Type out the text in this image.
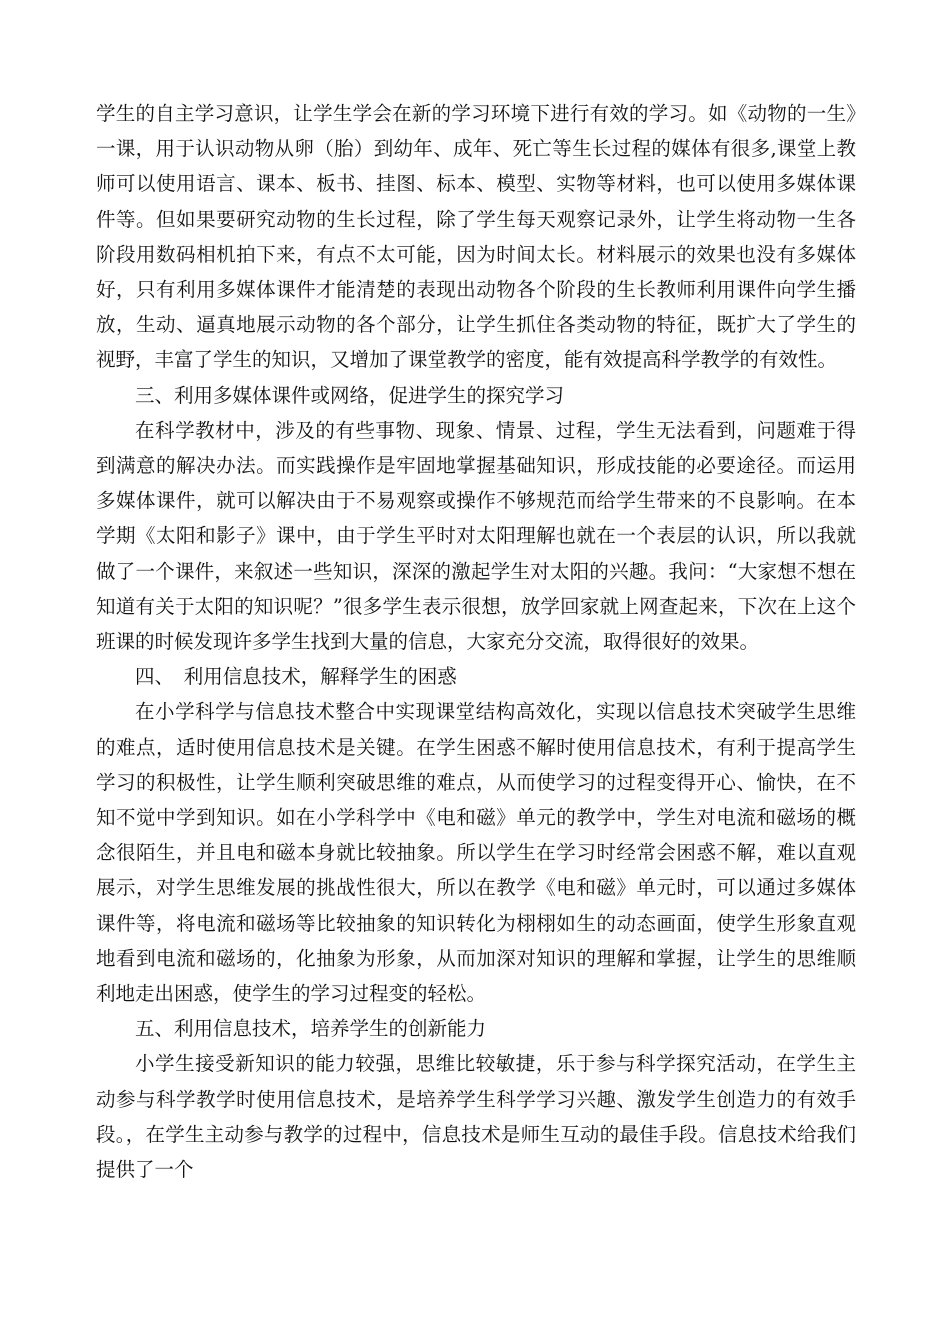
学生的自主学习意识，让学生学会在新的学习环境下进行有效的学习。如《动物的一生》一课，用于认识动物从卵（胎）到幼年、成年、死亡等生长过程的媒体有很多,课堂上教师可以使用语言、课本、板书、挂图、标本、模型、实物等材料，也可以使用多媒体课件等。但如果要研究动物的生长过程，除了学生每天观察记录外，让学生将动物一生各阶段用数码相机拍下来，有点不太可能，因为时间太长。材料展示的效果也没有多媒体好，只有利用多媒体课件才能清楚的表现出动物各个阶段的生长教师利用课件向学生播放，生动、逼真地展示动物的各个部分，让学生抓住各类动物的特征，既扩大了学生的视野，丰富了学生的知识，又增加了课堂教学的密度，能有效提高科学教学的有效性。

三、利用多媒体课件或网络，促进学生的探究学习

在科学教材中，涉及的有些事物、现象、情景、过程，学生无法看到，问题难于得到满意的解决办法。而实践操作是牢固地掌握基础知识，形成技能的必要途径。而运用多媒体课件，就可以解决由于不易观察或操作不够规范而给学生带来的不良影响。在本学期《太阳和影子》课中，由于学生平时对太阳理解也就在一个表层的认识，所以我就做了一个课件，来叙述一些知识，深深的激起学生对太阳的兴趣。我问：“大家想不想在知道有关于太阳的知识呢？”很多学生表示很想，放学回家就上网查起来，下次在上这个班课的时候发现许多学生找到大量的信息，大家充分交流，取得很好的效果。

四、　利用信息技术，解释学生的困惑

在小学科学与信息技术整合中实现课堂结构高效化，实现以信息技术突破学生思维的难点，适时使用信息技术是关键。在学生困惑不解时使用信息技术，有利于提高学生学习的积极性，让学生顺利突破思维的难点，从而使学习的过程变得开心、愉快，在不知不觉中学到知识。如在小学科学中《电和磁》单元的教学中，学生对电流和磁场的概念很陌生，并且电和磁本身就比较抽象。所以学生在学习时经常会困惑不解，难以直观展示，对学生思维发展的挑战性很大，所以在教学《电和磁》单元时，可以通过多媒体课件等，将电流和磁场等比较抽象的知识转化为栩栩如生的动态画面，使学生形象直观地看到电流和磁场的，化抽象为形象，从而加深对知识的理解和掌握，让学生的思维顺利地走出困惑，使学生的学习过程变的轻松。

五、利用信息技术，培养学生的创新能力

小学生接受新知识的能力较强，思维比较敏捷，乐于参与科学探究活动，在学生主动参与科学教学时使用信息技术，是培养学生科学学习兴趣、激发学生创造力的有效手段。，在学生主动参与教学的过程中，信息技术是师生互动的最佳手段。信息技术给我们提供了一个
